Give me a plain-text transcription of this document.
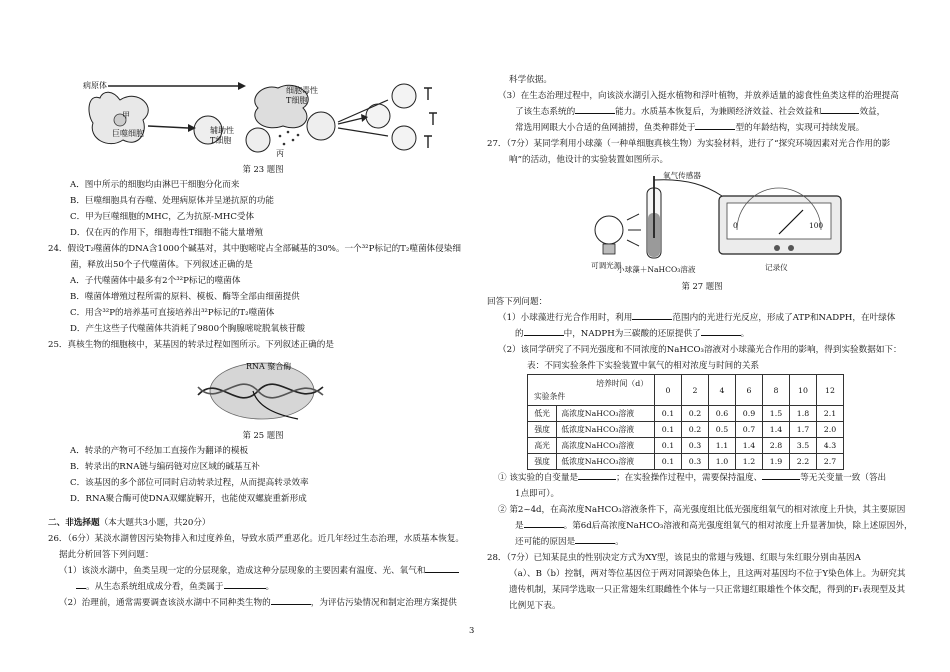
病原体
甲
巨噬细胞
细胞毒性
T细胞
辅助性
T细胞
丙

第 23 题图

A．图中所示的细胞均由淋巴干细胞分化而来

B．巨噬细胞具有吞噬、处理病原体并呈递抗原的功能

C．甲为巨噬细胞的MHC，乙为抗原-MHC受体

D．仅在丙的作用下，细胞毒性T细胞不能大量增殖

24．假设T₂噬菌体的DNA含1000个碱基对，其中胞嘧啶占全部碱基的30%。一个³²P标记的T₂噬菌体侵染细

菌，释放出50个子代噬菌体。下列叙述正确的是

A．子代噬菌体中最多有2个³²P标记的噬菌体

B．噬菌体增殖过程所需的原料、模板、酶等全部由细菌提供

C．用含³²P的培养基可直接培养出³²P标记的T₂噬菌体

D．产生这些子代噬菌体共消耗了9800个胸腺嘧啶脱氧核苷酸

25．真核生物的细胞核中，某基因的转录过程如图所示。下列叙述正确的是

RNA 聚合酶

第 25 题图

A．转录的产物可不经加工直接作为翻译的模板

B．转录出的RNA链与编码链对应区域的碱基互补

C．该基因的多个部位可同时启动转录过程，从而提高转录效率

D．RNA聚合酶可使DNA双螺旋解开，也能使双螺旋重新形成

二、非选择题（本大题共3小题，共20分）

26．（6分）某淡水湖曾因污染物排入和过度养鱼，导致水质严重恶化。近几年经过生态治理，水质基本恢复。

据此分析回答下列问题：

（1）该淡水湖中，鱼类呈现一定的分层现象，造成这种分层现象的主要因素有温度、光、氧气和

。从生态系统组成成分看，鱼类属于	。

（2）治理前，通常需要调查该淡水湖中不同种类生物的	，为评估污染情况和制定治理方案提供

科学依据。

（3）在生态治理过程中，向该淡水湖引入挺水植物和浮叶植物，并放养适量的滤食性鱼类这样的治理提高

了该生态系统的	能力。水质基本恢复后，为兼顾经济效益、社会效益和	效益，

常选用网眼大小合适的鱼网捕捞，鱼类种群处于	型的年龄结构，实现可持续发展。

27．（7分）某同学利用小球藻（一种单细胞真核生物）为实验材料，进行了“探究环境因素对光合作用的影

响”的活动，他设计的实验装置如图所示。

氧气传感器
可调光源
小球藻＋NaHCO₃溶液	记录仪
0	100

第 27 题图

回答下列问题：

（1）小球藻进行光合作用时，利用	范围内的光进行光反应，形成了ATP和NADPH，在叶绿体

的	中，NADPH为三碳酸的还原提供了	。

（2）该同学研究了不同光强度和不同浓度的NaHCO₃溶液对小球藻光合作用的影响，得到实验数据如下：

表：不同实验条件下实验装置中氧气的相对浓度与时间的关系

培养时间（d）
实验条件		0	2	4	6	8	10	12
低光	高浓度NaHCO₃溶液	0.1	0.2	0.6	0.9	1.5	1.8	2.1
强度	低浓度NaHCO₃溶液	0.1	0.2	0.5	0.7	1.4	1.7	2.0
高光	高浓度NaHCO₃溶液	0.1	0.3	1.1	1.4	2.8	3.5	4.3
强度	低浓度NaHCO₃溶液	0.1	0.3	1.0	1.2	1.9	2.2	2.7

① 该实验的自变量是	；在实验操作过程中，需要保持温度、	等无关变量一致（答出

1点即可）。

② 第2~4d，在高浓度NaHCO₃溶液条件下，高光强度组比低光强度组氧气的相对浓度上升快，其主要原因

是	。第6d后高浓度NaHCO₃溶液和高光强度组氧气的相对浓度上升显著加快，除上述原因外，

还可能的原因是	。

28．（7分）已知某昆虫的性别决定方式为XY型，该昆虫的常翅与残翅、红眼与朱红眼分别由基因A

（a）、B（b）控制，两对等位基因位于两对同源染色体上，且这两对基因均不位于Y染色体上。为研究其

遗传机制，某同学选取一只正常翅朱红眼雌性个体与一只正常翅红眼雄性个体交配，得到的F₁表现型及其

比例见下表。

3
